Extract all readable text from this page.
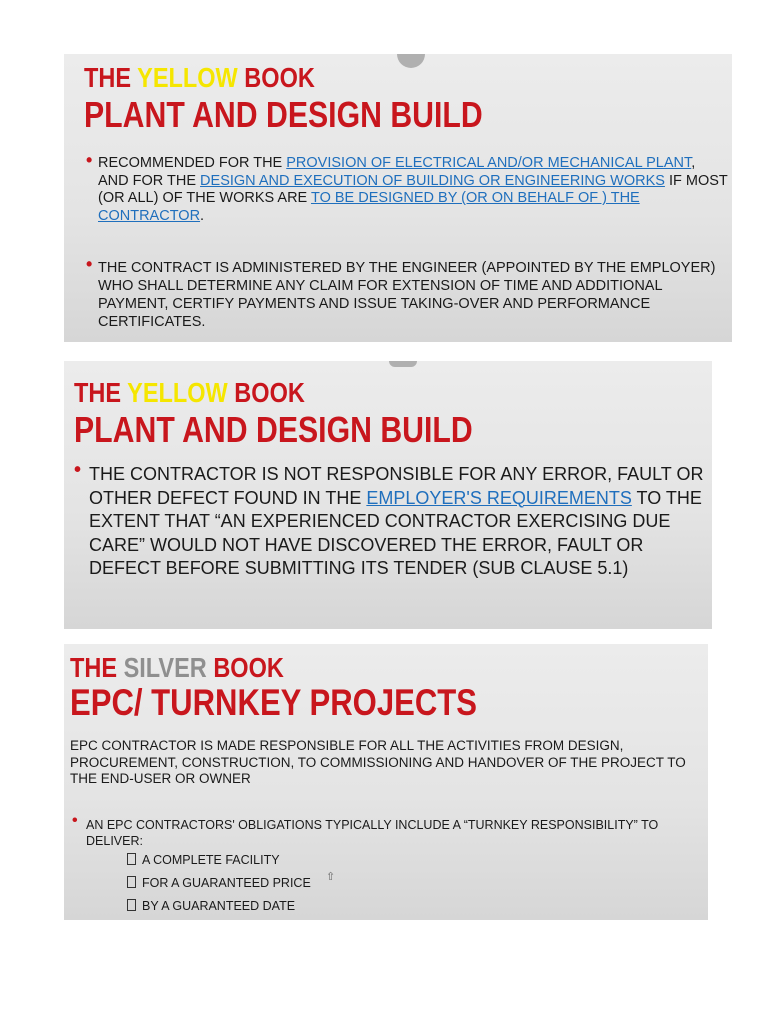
THE YELLOW BOOK
PLANT AND DESIGN BUILD
• RECOMMENDED FOR THE PROVISION OF ELECTRICAL AND/OR MECHANICAL PLANT, AND FOR THE DESIGN AND EXECUTION OF BUILDING OR ENGINEERING WORKS IF MOST (OR ALL) OF THE WORKS ARE TO BE DESIGNED BY (OR ON BEHALF OF ) THE CONTRACTOR.

• THE CONTRACT IS ADMINISTERED BY THE ENGINEER (APPOINTED BY THE EMPLOYER) WHO SHALL DETERMINE ANY CLAIM FOR EXTENSION OF TIME AND ADDITIONAL PAYMENT, CERTIFY PAYMENTS AND ISSUE TAKING-OVER AND PERFORMANCE CERTIFICATES.

THE YELLOW BOOK
PLANT AND DESIGN BUILD
• THE CONTRACTOR IS NOT RESPONSIBLE FOR ANY ERROR, FAULT OR OTHER DEFECT FOUND IN THE EMPLOYER'S REQUIREMENTS TO THE EXTENT THAT “AN EXPERIENCED CONTRACTOR EXERCISING DUE CARE” WOULD NOT HAVE DISCOVERED THE ERROR, FAULT OR DEFECT BEFORE SUBMITTING ITS TENDER (SUB CLAUSE 5.1)

THE SILVER BOOK
EPC/ TURNKEY PROJECTS

EPC CONTRACTOR IS MADE RESPONSIBLE FOR ALL THE ACTIVITIES FROM DESIGN, PROCUREMENT, CONSTRUCTION, TO COMMISSIONING AND HANDOVER OF THE PROJECT TO THE END-USER OR OWNER

• AN EPC CONTRACTORS' OBLIGATIONS TYPICALLY INCLUDE A “TURNKEY RESPONSIBILITY” TO DELIVER:

A COMPLETE FACILITY
FOR A GUARANTEED PRICE
BY A GUARANTEED DATE
⇧
